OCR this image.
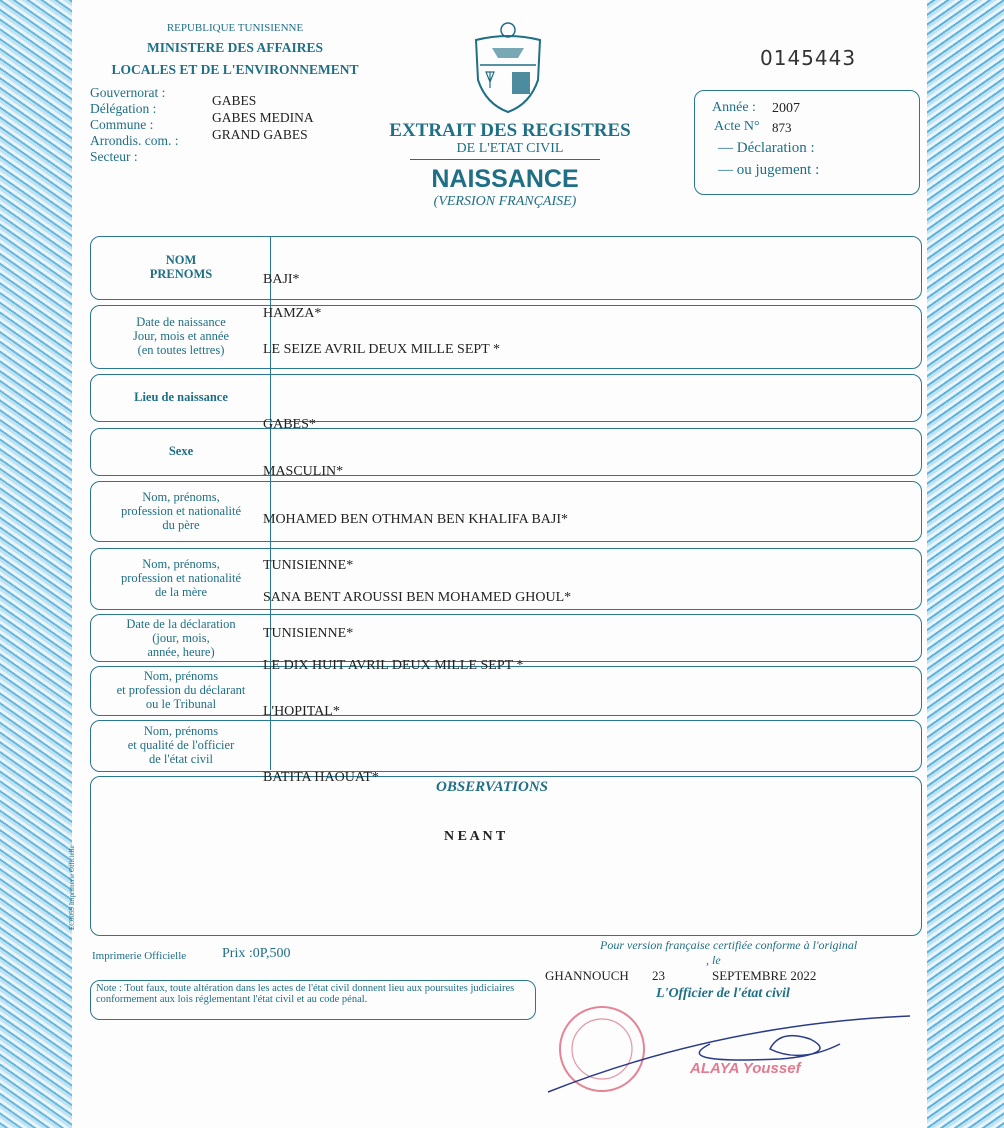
REPUBLIQUE TUNISIENNE
MINISTERE DES AFFAIRES
LOCALES ET DE L'ENVIRONNEMENT
Gouvernorat :
Délégation :
Commune :
Arrondis. com. :
Secteur :
GABES
GABES MEDINA
GRAND GABES
0145443
EXTRAIT DES REGISTRES
DE L'ETAT CIVIL
NAISSANCE
(VERSION FRANÇAISE)
Année : 2007
Acte N° 873
— Déclaration :
— ou jugement :
NOM
PRENOMS
Date de naissance
Jour, mois et année
(en toutes lettres)
Lieu de naissance
Sexe
Nom, prénoms,
profession et nationalité
du père
Nom, prénoms,
profession et nationalité
de la mère
Date de la déclaration
(jour, mois,
année, heure)
Nom, prénoms
et profession du déclarant
ou le Tribunal
Nom, prénoms
et qualité de l'officier
de l'état civil
BAJI*
HAMZA*
LE SEIZE AVRIL DEUX MILLE SEPT *
GABES*
MASCULIN*
MOHAMED BEN OTHMAN BEN KHALIFA BAJI*
TUNISIENNE*
SANA BENT AROUSSI BEN MOHAMED GHOUL*
TUNISIENNE*
LE DIX HUIT AVRIL DEUX MILLE SEPT *
L'HOPITAL*
BATITA HAOUAT*
OBSERVATIONS
N E A N T
EC0059 Imprimerie Officielle
Imprimerie Officielle	Prix :0P,500
Pour version française certifiée conforme à l'original
, le
GHANNOUCH 23	SEPTEMBRE 2022
L'Officier de l'état civil
Note : Tout faux, toute altération dans les actes de l'état civil donnent lieu aux poursuites judiciaires conformement aux lois réglementant l'état civil et au code pénal.
ALAYA Youssef
